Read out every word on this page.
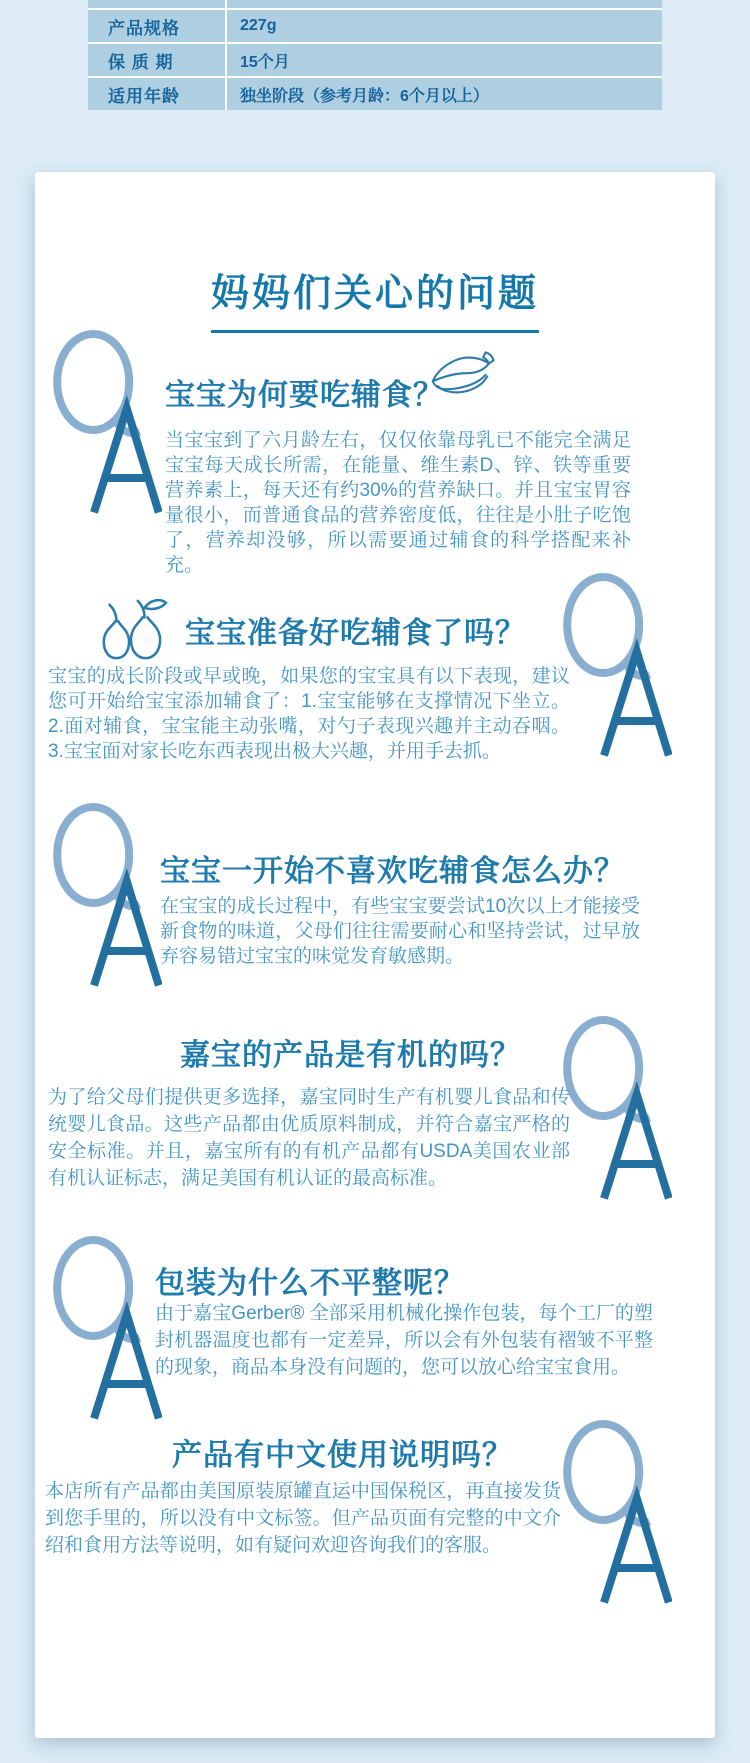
产品规格	227g
保 质 期	15个月
适用年龄	独坐阶段（参考月龄：6个月以上）
妈妈们关心的问题
宝宝为何要吃辅食？

当宝宝到了六月龄左右，仅仅依靠母乳已不能完全满足宝宝每天成长所需，在能量、维生素D、锌、铁等重要营养素上，每天还有约30%的营养缺口。并且宝宝胃容量很小，而普通食品的营养密度低，往往是小肚子吃饱了，营养却没够，所以需要通过辅食的科学搭配来补充。

宝宝准备好吃辅食了吗？

宝宝的成长阶段或早或晚，如果您的宝宝具有以下表现，建议您可开始给宝宝添加辅食了：1.宝宝能够在支撑情况下坐立。2.面对辅食，宝宝能主动张嘴，对勺子表现兴趣并主动吞咽。3.宝宝面对家长吃东西表现出极大兴趣，并用手去抓。

宝宝一开始不喜欢吃辅食怎么办？

在宝宝的成长过程中，有些宝宝要尝试10次以上才能接受新食物的味道，父母们往往需要耐心和坚持尝试，过早放弃容易错过宝宝的味觉发育敏感期。

嘉宝的产品是有机的吗？

为了给父母们提供更多选择，嘉宝同时生产有机婴儿食品和传统婴儿食品。这些产品都由优质原料制成，并符合嘉宝严格的安全标准。并且，嘉宝所有的有机产品都有USDA美国农业部有机认证标志，满足美国有机认证的最高标准。

包装为什么不平整呢？

由于嘉宝Gerber® 全部采用机械化操作包装，每个工厂的塑封机器温度也都有一定差异，所以会有外包装有褶皱不平整的现象，商品本身没有问题的，您可以放心给宝宝食用。

产品有中文使用说明吗？

本店所有产品都由美国原装原罐直运中国保税区，再直接发货到您手里的，所以没有中文标签。但产品页面有完整的中文介绍和食用方法等说明，如有疑问欢迎咨询我们的客服。
